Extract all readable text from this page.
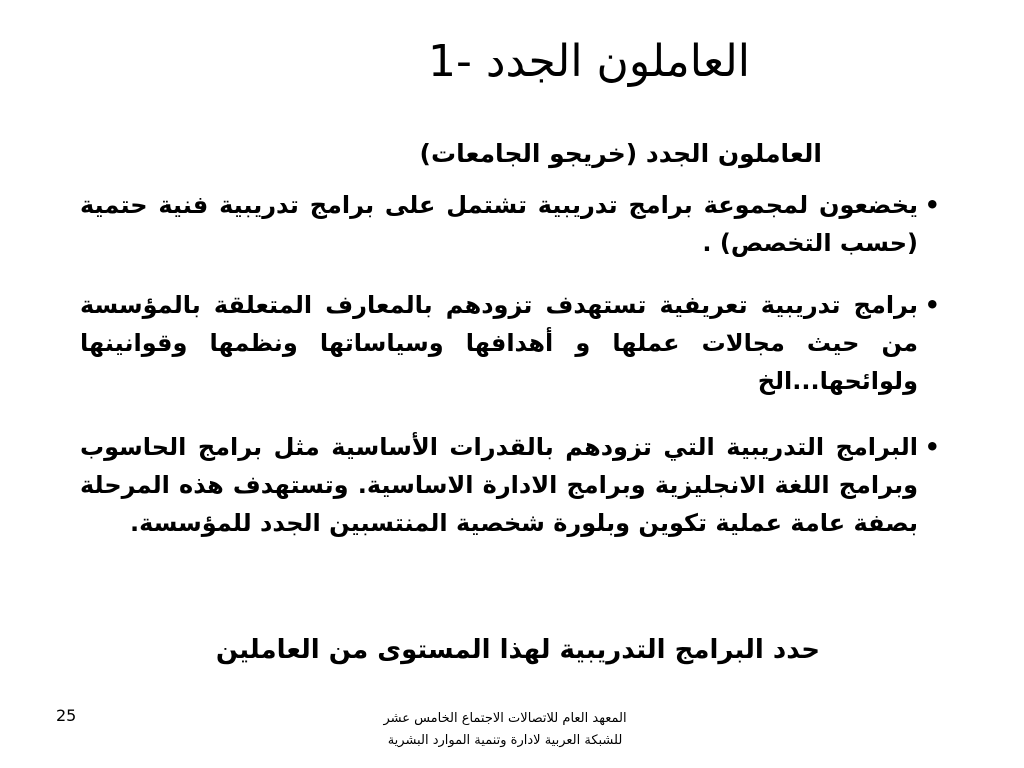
1- العاملون الجدد
العاملون الجدد (خريجو الجامعات)
•
يخضعون لمجموعة برامج تدريبية تشتمل على برامج تدريبية فنية حتمية (حسب التخصص) .
•
برامج تدريبية تعريفية تستهدف تزودهم بالمعارف المتعلقة بالمؤسسة من حيث مجالات عملها و أهدافها وسياساتها ونظمها وقوانينها ولوائحها...الخ
•
البرامج التدريبية التي تزودهم بالقدرات الأساسية مثل برامج الحاسوب وبرامج اللغة الانجليزية وبرامج الادارة الاساسية. وتستهدف هذه المرحلة بصفة عامة عملية تكوين وبلورة شخصية المنتسبين الجدد للمؤسسة.
حدد البرامج التدريبية لهذا المستوى من العاملين
المعهد العام للاتصالات الاجتماع الخامس عشر
للشبكة العربية لادارة وتنمية الموارد البشرية
25
